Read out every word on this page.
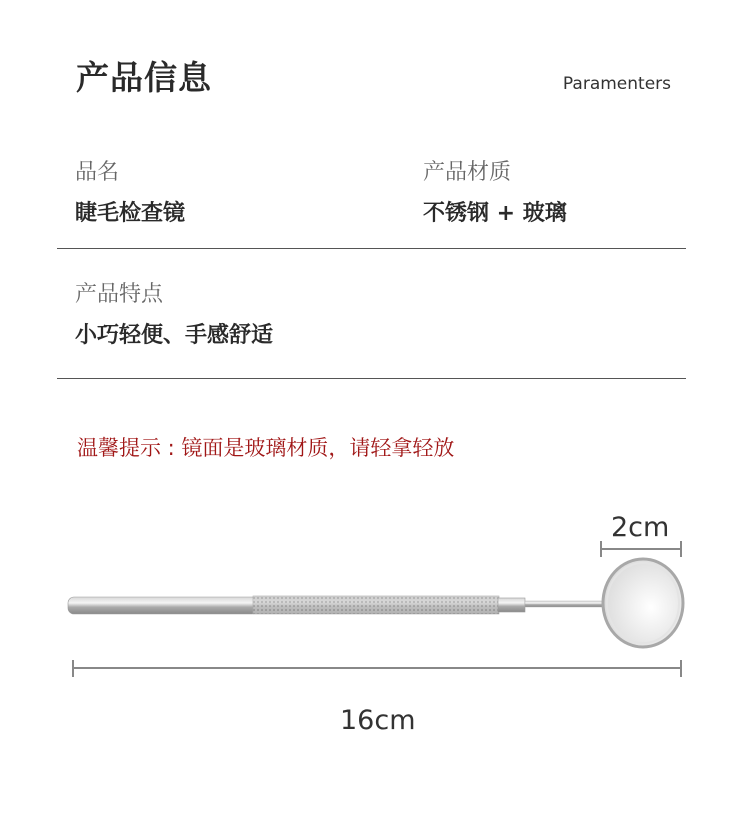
产品信息	Paramenters
品名
睫毛检查镜
产品材质
不锈钢 + 玻璃
产品特点
小巧轻便、手感舒适
温馨提示 : 镜面是玻璃材质，请轻拿轻放
2cm
16cm
